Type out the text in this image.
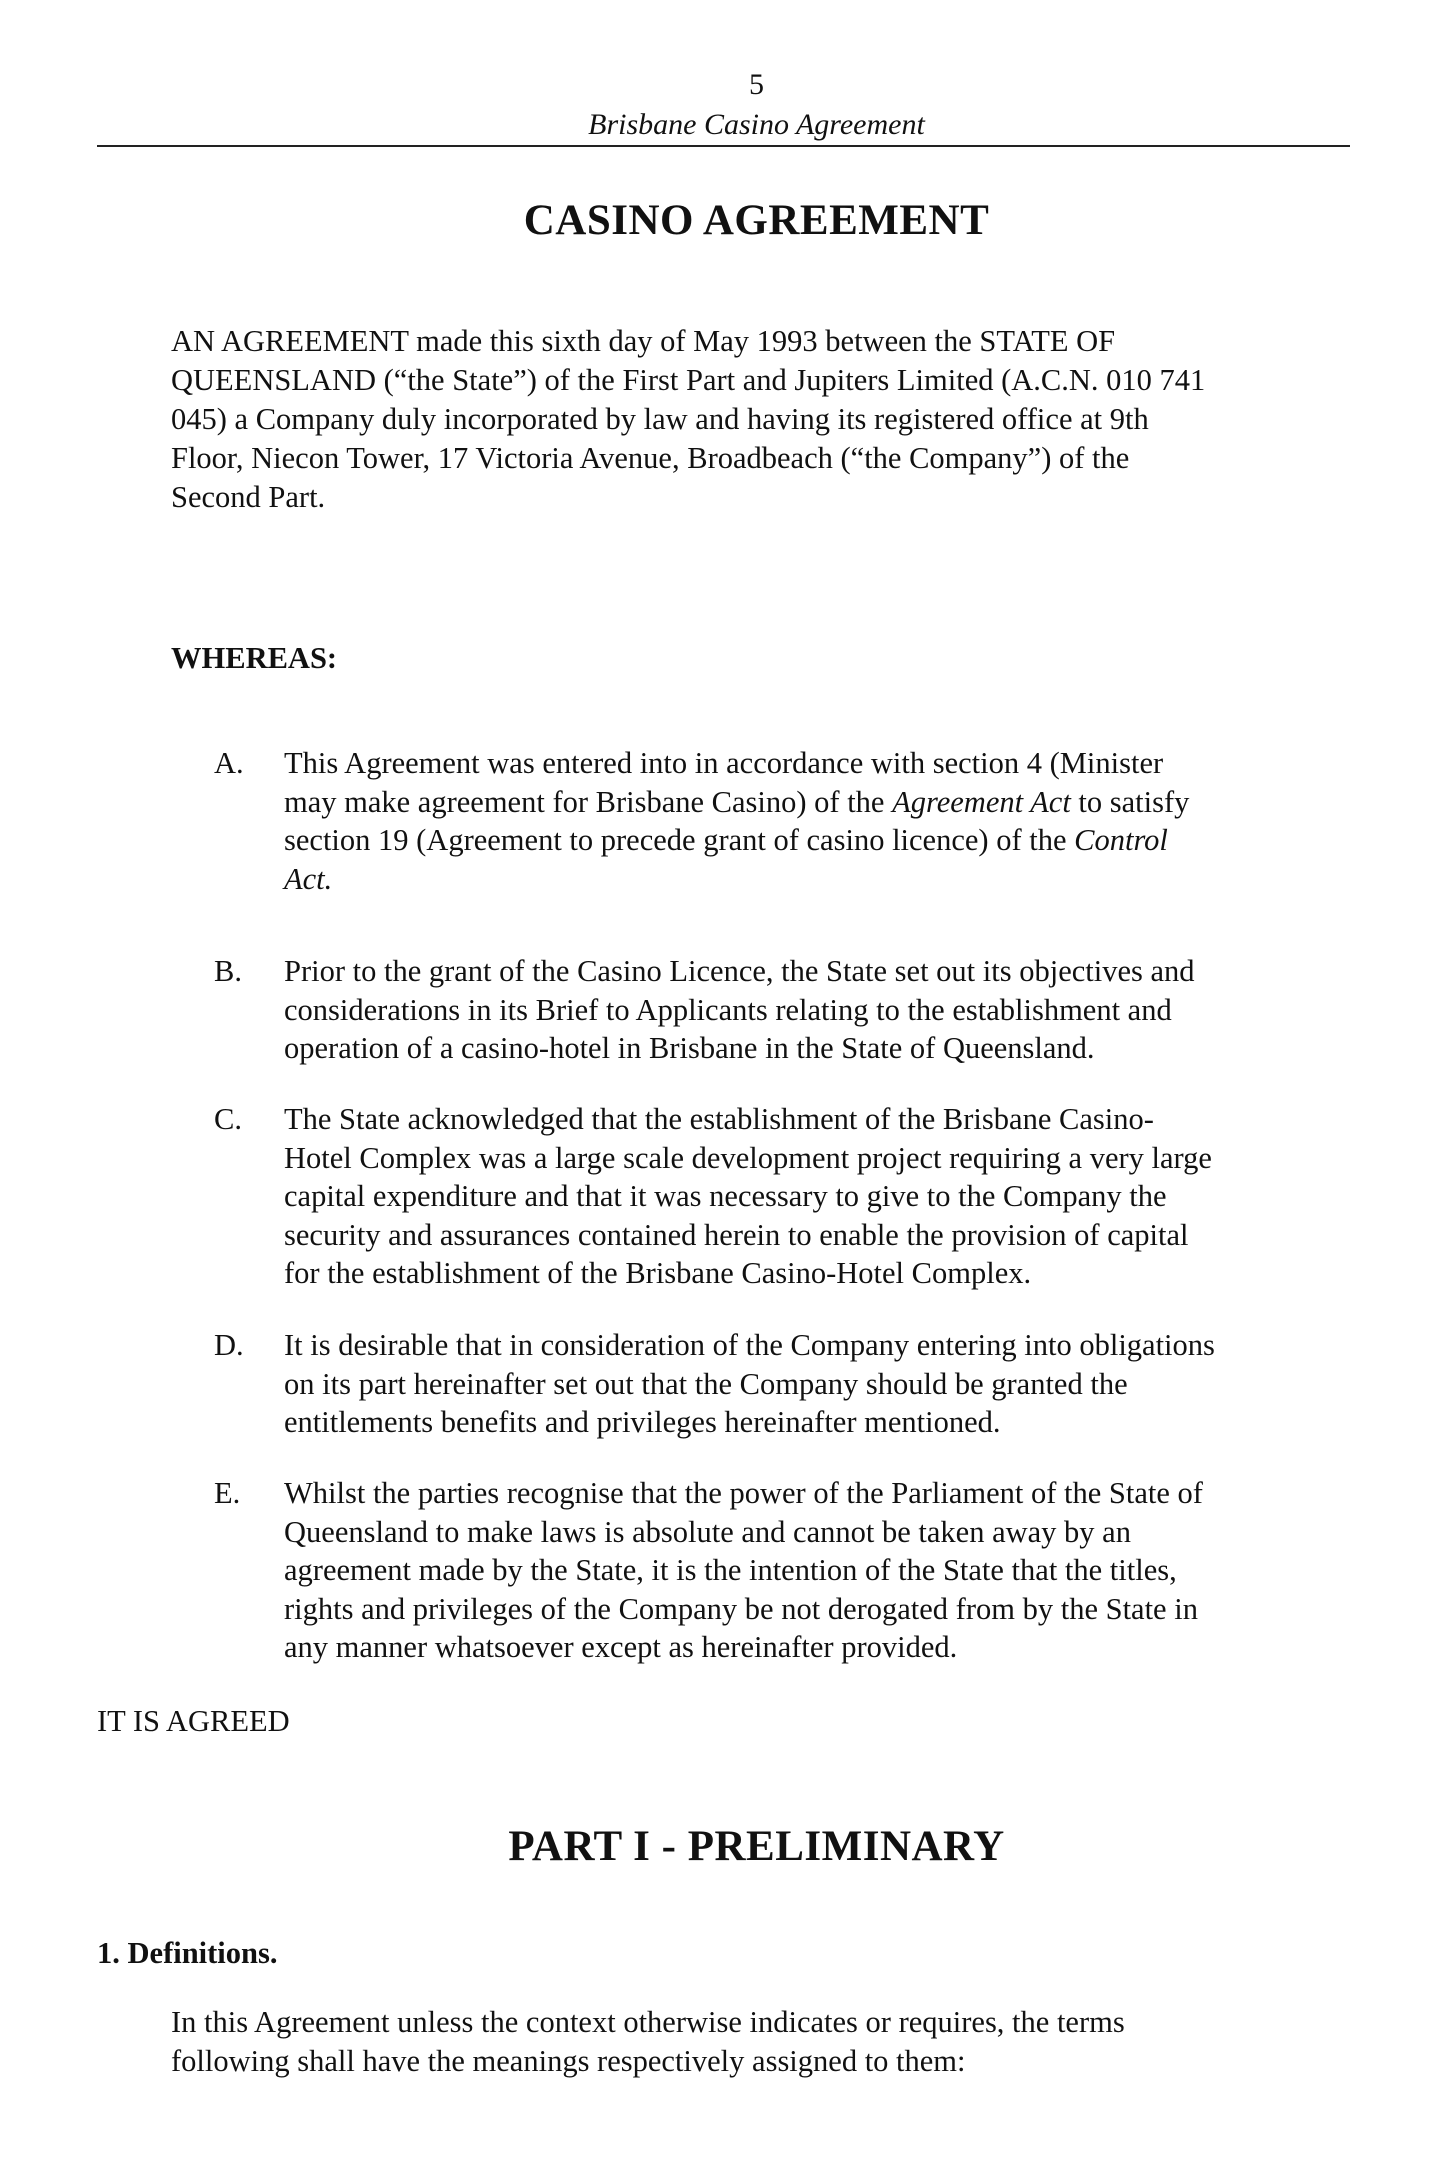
5
Brisbane Casino Agreement
CASINO AGREEMENT
AN AGREEMENT made this sixth day of May 1993 between the STATE OF
QUEENSLAND (“the State”) of the First Part and Jupiters Limited (A.C.N. 010 741
045) a Company duly incorporated by law and having its registered office at 9th
Floor, Niecon Tower, 17 Victoria Avenue, Broadbeach (“the Company”) of the
Second Part.
WHEREAS:
A.	This Agreement was entered into in accordance with section 4 (Minister
may make agreement for Brisbane Casino) of the Agreement Act to satisfy
section 19 (Agreement to precede grant of casino licence) of the Control
Act.
B.	Prior to the grant of the Casino Licence, the State set out its objectives and
considerations in its Brief to Applicants relating to the establishment and
operation of a casino-hotel in Brisbane in the State of Queensland.
C.	The State acknowledged that the establishment of the Brisbane Casino-
Hotel Complex was a large scale development project requiring a very large
capital expenditure and that it was necessary to give to the Company the
security and assurances contained herein to enable the provision of capital
for the establishment of the Brisbane Casino-Hotel Complex.
D.	It is desirable that in consideration of the Company entering into obligations
on its part hereinafter set out that the Company should be granted the
entitlements benefits and privileges hereinafter mentioned.
E.	Whilst the parties recognise that the power of the Parliament of the State of
Queensland to make laws is absolute and cannot be taken away by an
agreement made by the State, it is the intention of the State that the titles,
rights and privileges of the Company be not derogated from by the State in
any manner whatsoever except as hereinafter provided.
IT IS AGREED
PART I - PRELIMINARY
1. Definitions.
In this Agreement unless the context otherwise indicates or requires, the terms
following shall have the meanings respectively assigned to them:
